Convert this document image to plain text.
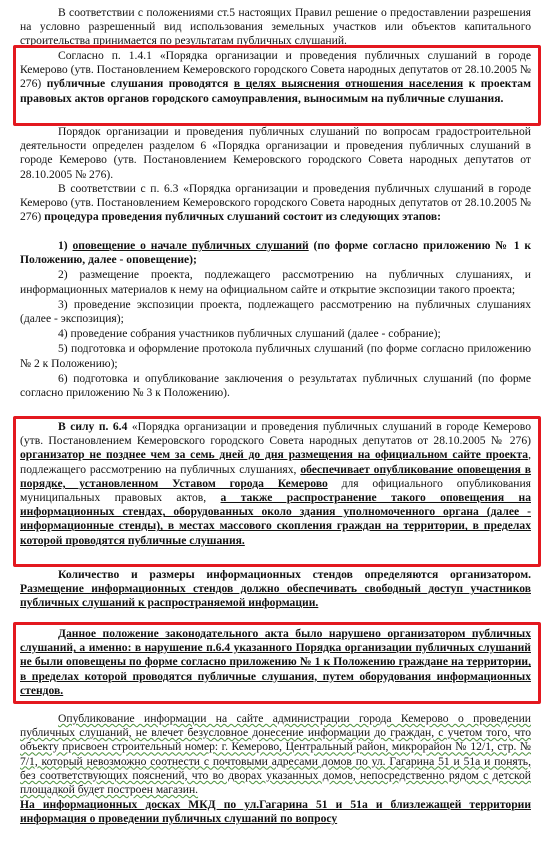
В соответствии с положениями ст.5 настоящих Правил решение о предоставлении разрешения на условно разрешенный вид использования земельных участков или объектов капитального строительства принимается по результатам публичных слушаний.

Согласно п. 1.4.1 «Порядка организации и проведения публичных слушаний в городе Кемерово (утв. Постановлением Кемеровского городского Совета народных депутатов от 28.10.2005 № 276) публичные слушания проводятся в целях выяснения отношения населения к проектам правовых актов органов городского самоуправления, выносимым на публичные слушания.

Порядок организации и проведения публичных слушаний по вопросам градостроительной деятельности определен разделом 6 «Порядка организации и проведения публичных слушаний в городе Кемерово (утв. Постановлением Кемеровского городского Совета народных депутатов от 28.10.2005 № 276).

В соответствии с п. 6.3 «Порядка организации и проведения публичных слушаний в городе Кемерово (утв. Постановлением Кемеровского городского Совета народных депутатов от 28.10.2005 № 276) процедура проведения публичных слушаний состоит из следующих этапов:

1) оповещение о начале публичных слушаний (по форме согласно приложению № 1 к Положению, далее - оповещение);

2) размещение проекта, подлежащего рассмотрению на публичных слушаниях, и информационных материалов к нему на официальном сайте и открытие экспозиции такого проекта;

3) проведение экспозиции проекта, подлежащего рассмотрению на публичных слушаниях (далее - экспозиция);

4) проведение собрания участников публичных слушаний (далее - собрание);

5) подготовка и оформление протокола публичных слушаний (по форме согласно приложению № 2 к Положению);

6) подготовка и опубликование заключения о результатах публичных слушаний (по форме согласно приложению № 3 к Положению).

В силу п. 6.4 «Порядка организации и проведения публичных слушаний в городе Кемерово (утв. Постановлением Кемеровского городского Совета народных депутатов от 28.10.2005 № 276) организатор не позднее чем за семь дней до дня размещения на официальном сайте проекта, подлежащего рассмотрению на публичных слушаниях, обеспечивает опубликование оповещения в порядке, установленном Уставом города Кемерово для официального опубликования муниципальных правовых актов, а также распространение такого оповещения на информационных стендах, оборудованных около здания уполномоченного органа (далее - информационные стенды), в местах массового скопления граждан на территории, в пределах которой проводятся публичные слушания.

Количество и размеры информационных стендов определяются организатором. Размещение информационных стендов должно обеспечивать свободный доступ участников публичных слушаний к распространяемой информации.

Данное положение законодательного акта было нарушено организатором публичных слушаний, а именно: в нарушение п.6.4 указанного Порядка организации публичных слушаний не были оповещены по форме согласно приложению № 1 к Положению граждане на территории, в пределах которой проводятся публичные слушания, путем оборудования информационных стендов.

Опубликование информации на сайте администрации города Кемерово о проведении публичных слушаний, не влечет безусловное донесение информации до граждан, с учетом того, что объекту присвоен строительный номер: г. Кемерово, Центральный район, микрорайон № 12/1, стр. № 7/1, который невозможно соотнести с почтовыми адресами домов по ул. Гагарина 51 и 51а и понять, без соответствующих пояснений, что во дворах указанных домов, непосредственно рядом с детской площадкой будет построен магазин.

На информационных досках МКД по ул.Гагарина 51 и 51а и близлежащей территории информация о проведении публичных слушаний по вопросу
